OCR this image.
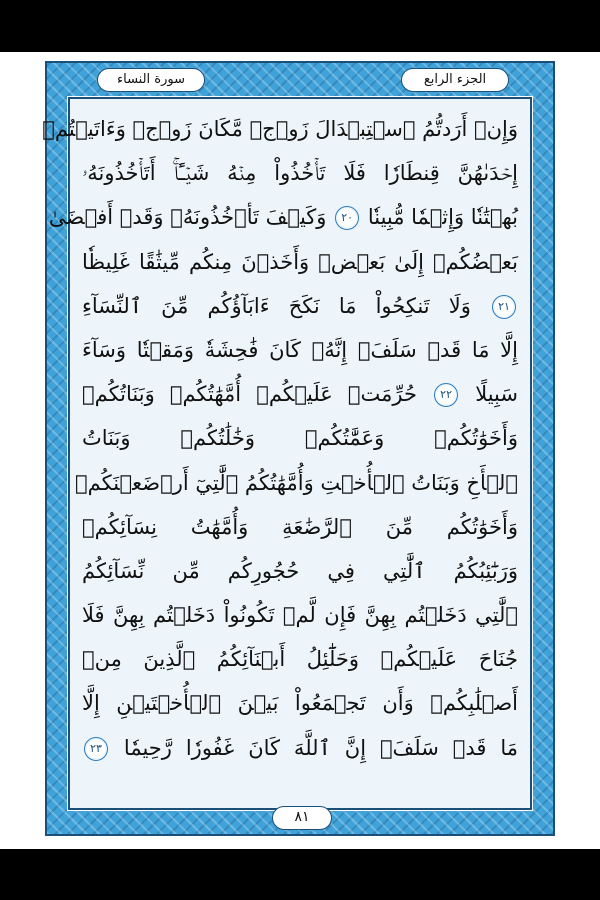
الجزء الرابع
سورة النساء
وَإِنۡ أَرَدتُّمُ ٱسۡتِبۡدَالَ زَوۡجٖ مَّكَانَ زَوۡجٖ وَءَاتَيۡتُمۡ
إِحۡدَىٰهُنَّ قِنطَارٗا فَلَا تَأۡخُذُواْ مِنۡهُ شَيۡـًٔاۚ أَتَأۡخُذُونَهُۥ
بُهۡتَٰنٗا وَإِثۡمٗا مُّبِينٗا ٢٠ وَكَيۡفَ تَأۡخُذُونَهُۥ وَقَدۡ أَفۡضَىٰ
بَعۡضُكُمۡ إِلَىٰ بَعۡضٖ وَأَخَذۡنَ مِنكُم مِّيثَٰقًا غَلِيظٗا
٢١ وَلَا تَنكِحُواْ مَا نَكَحَ ءَابَآؤُكُم مِّنَ ٱلنِّسَآءِ
إِلَّا مَا قَدۡ سَلَفَۚ إِنَّهُۥ كَانَ فَٰحِشَةٗ وَمَقۡتٗا وَسَآءَ
سَبِيلًا ٢٢ حُرِّمَتۡ عَلَيۡكُمۡ أُمَّهَٰتُكُمۡ وَبَنَاتُكُمۡ
وَأَخَوَٰتُكُمۡ وَعَمَّٰتُكُمۡ وَخَٰلَٰتُكُمۡ وَبَنَاتُ
ٱلۡأَخِ وَبَنَاتُ ٱلۡأُخۡتِ وَأُمَّهَٰتُكُمُ ٱلَّٰتِيٓ أَرۡضَعۡنَكُمۡ
وَأَخَوَٰتُكُم مِّنَ ٱلرَّضَٰعَةِ وَأُمَّهَٰتُ نِسَآئِكُمۡ
وَرَبَٰٓئِبُكُمُ ٱلَّٰتِي فِي حُجُورِكُم مِّن نِّسَآئِكُمُ
ٱلَّٰتِي دَخَلۡتُم بِهِنَّ فَإِن لَّمۡ تَكُونُواْ دَخَلۡتُم بِهِنَّ فَلَا
جُنَاحَ عَلَيۡكُمۡ وَحَلَٰٓئِلُ أَبۡنَآئِكُمُ ٱلَّذِينَ مِنۡ
أَصۡلَٰبِكُمۡ وَأَن تَجۡمَعُواْ بَيۡنَ ٱلۡأُخۡتَيۡنِ إِلَّا
مَا قَدۡ سَلَفَۗ إِنَّ ٱللَّهَ كَانَ غَفُورٗا رَّحِيمٗا ٢٣
٨١
